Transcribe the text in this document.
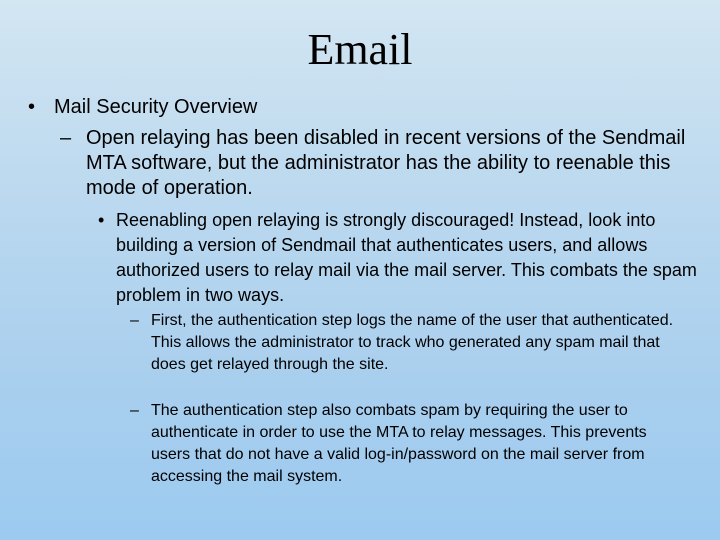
Email
• Mail Security Overview
– Open relaying has been disabled in recent versions of the Sendmail MTA software, but the administrator has the ability to reenable this mode of operation.
• Reenabling open relaying is strongly discouraged! Instead, look into building a version of Sendmail that authenticates users, and allows authorized users to relay mail via the mail server. This combats the spam problem in two ways.
– First, the authentication step logs the name of the user that authenticated. This allows the administrator to track who generated any spam mail that does get relayed through the site.
– The authentication step also combats spam by requiring the user to authenticate in order to use the MTA to relay messages. This prevents users that do not have a valid log-in/password on the mail server from accessing the mail system.
